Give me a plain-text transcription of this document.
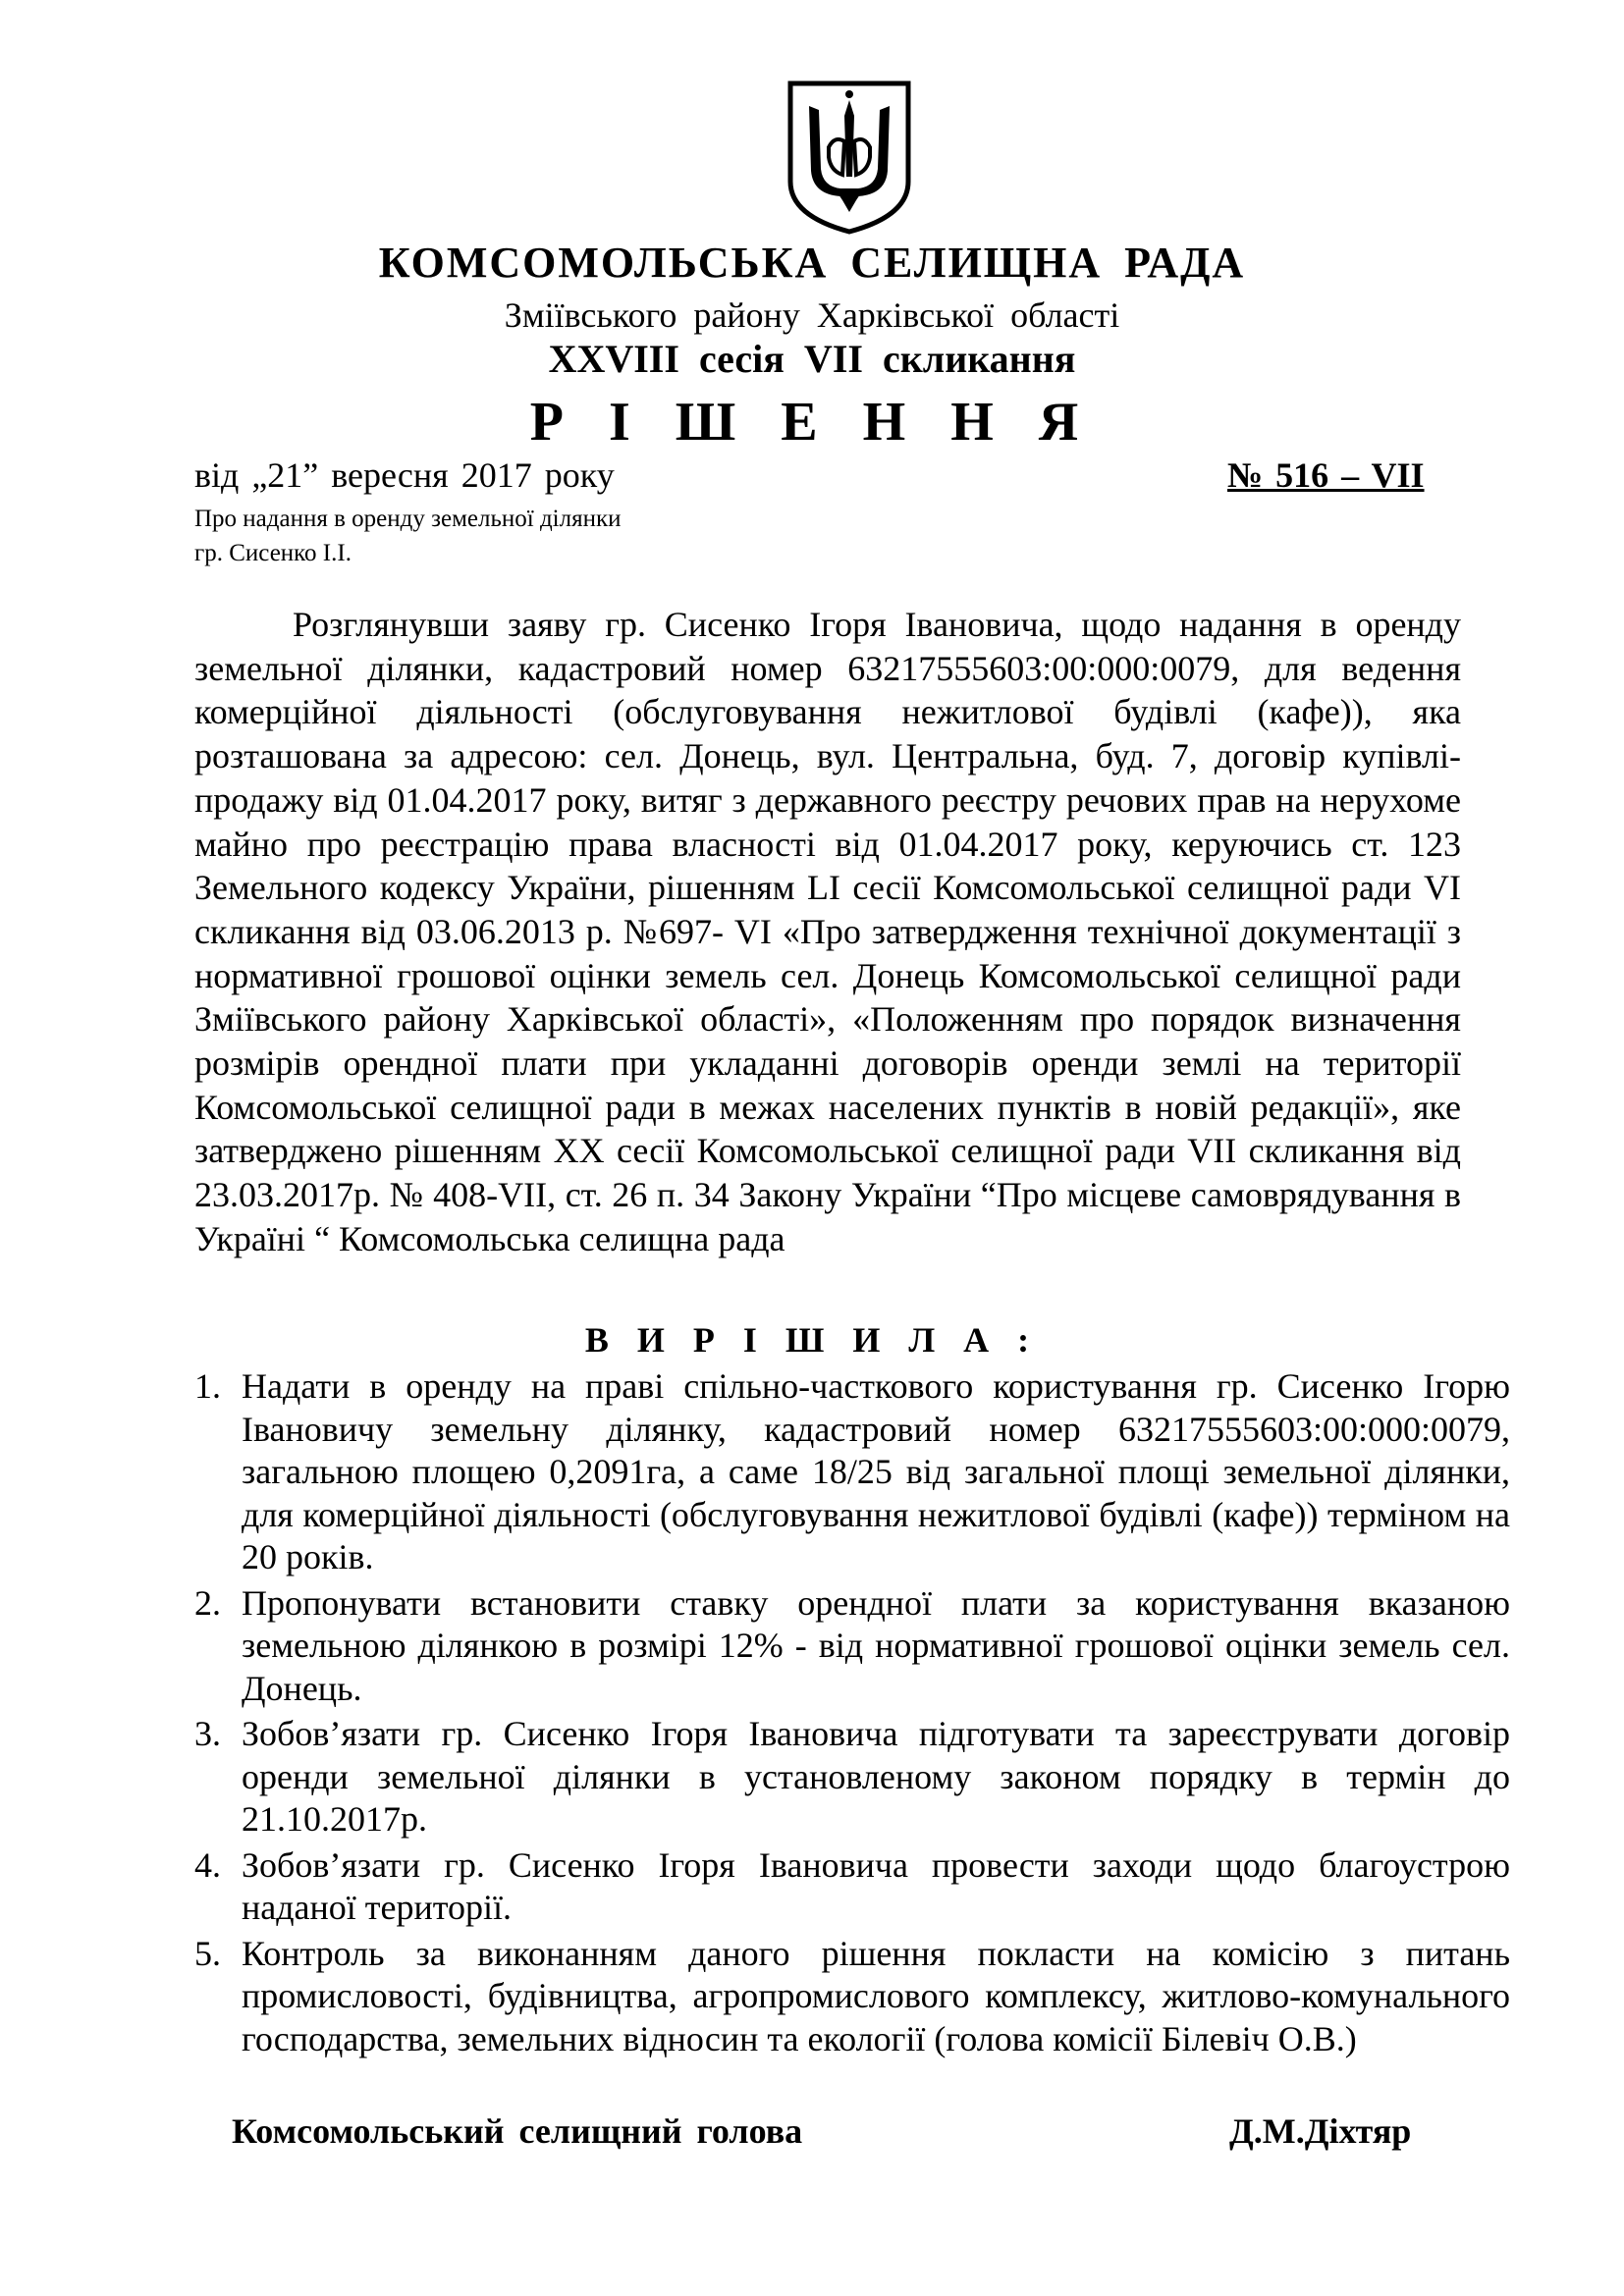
КОМСОМОЛЬСЬКА СЕЛИЩНА РАДА
Зміївського району Харківської області
XXVIII сесія VII скликання
Р І Ш Е Н Н Я
від „21” вересня 2017 року	№ 516 – VII
Про надання в оренду земельної ділянки
гр. Сисенко І.І.

Розглянувши заяву гр. Сисенко Ігоря Івановича, щодо надання в оренду земельної ділянки, кадастровий номер 63217555603:00:000:0079, для ведення комерційної діяльності (обслуговування нежитлової будівлі (кафе)), яка розташована за адресою: сел. Донець, вул. Центральна, буд. 7, договір купівлі-продажу від 01.04.2017 року, витяг з державного реєстру речових прав на нерухоме майно про реєстрацію права власності від 01.04.2017 року, керуючись ст. 123 Земельного кодексу України, рішенням LI сесії Комсомольської селищної ради VI скликання від 03.06.2013 р. №697- VI «Про затвердження технічної документації з нормативної грошової оцінки земель сел. Донець Комсомольської селищної ради Зміївського району Харківської області», «Положенням про порядок визначення розмірів орендної плати при укладанні договорів оренди землі на території Комсомольської селищної ради в межах населених пунктів в новій редакції», яке затверджено рішенням XX сесії Комсомольської селищної ради VII скликання від 23.03.2017р. № 408-VII, ст. 26 п. 34 Закону України “Про місцеве самоврядування в Україні “ Комсомольська селищна рада

В И Р І Ш И Л А :
1. Надати в оренду на праві спільно-часткового користування гр. Сисенко Ігорю Івановичу земельну ділянку, кадастровий номер 63217555603:00:000:0079, загальною площею 0,2091га, а саме 18/25 від загальної площі земельної ділянки, для комерційної діяльності (обслуговування нежитлової будівлі (кафе)) терміном на 20 років.
2. Пропонувати встановити ставку орендної плати за користування вказаною земельною ділянкою в розмірі 12% - від нормативної грошової оцінки земель сел. Донець.
3. Зобов’язати гр. Сисенко Ігоря Івановича підготувати та зареєструвати договір оренди земельної ділянки в установленому законом порядку в термін до 21.10.2017р.
4. Зобов’язати гр. Сисенко Ігоря Івановича провести заходи щодо благоустрою наданої території.
5. Контроль за виконанням даного рішення покласти на комісію з питань промисловості, будівництва, агропромислового комплексу, житлово-комунального господарства, земельних відносин та екології (голова комісії Білевіч О.В.)
Комсомольський селищний голова	Д.М.Діхтяр
